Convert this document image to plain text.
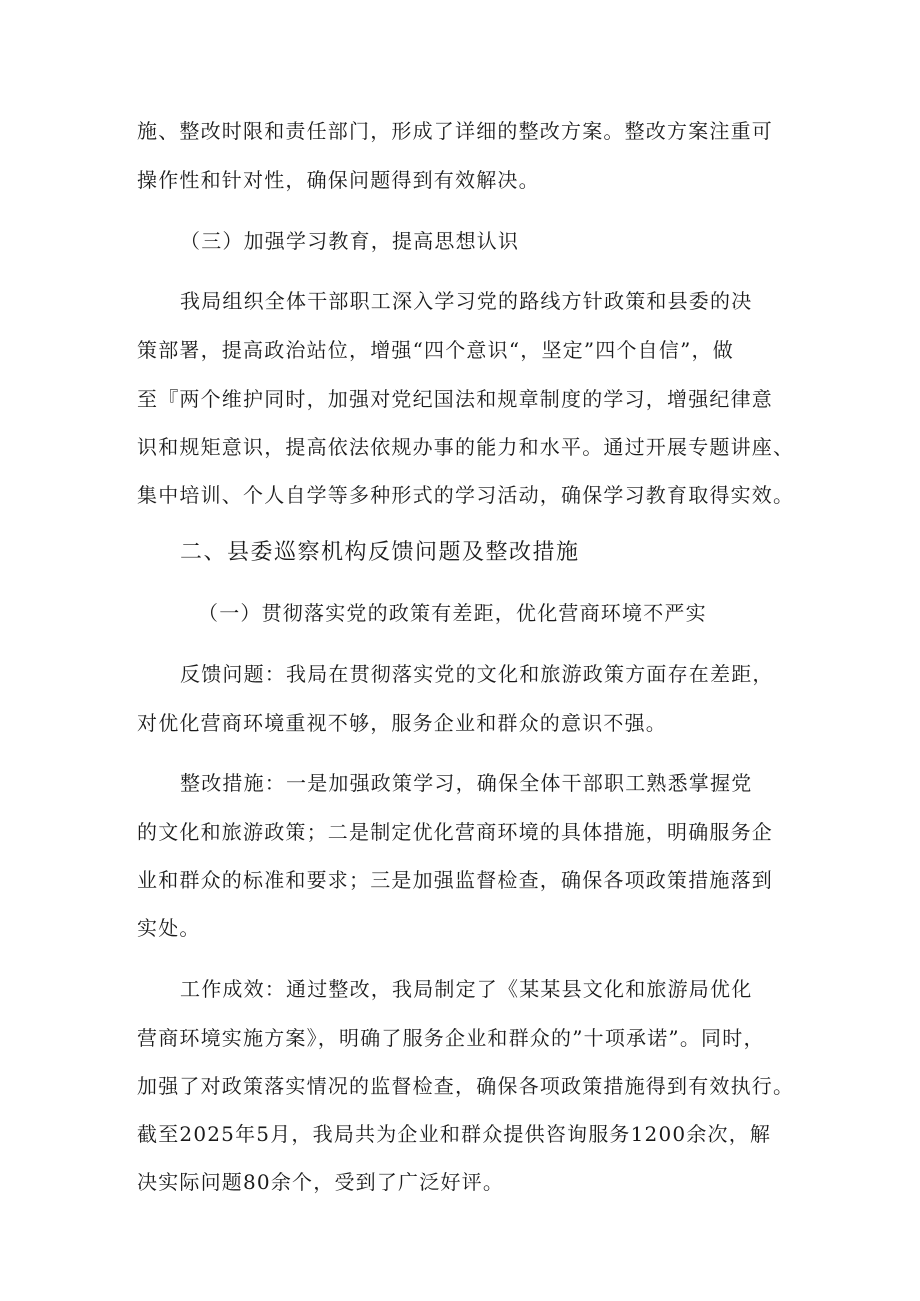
施、整改时限和责任部门，形成了详细的整改方案。整改方案注重可
操作性和针对性，确保问题得到有效解决。
（三）加强学习教育，提高思想认识
我局组织全体干部职工深入学习党的路线方针政策和县委的决
策部署，提高政治站位，增强“四个意识“，坚定”四个自信”，做
至『两个维护同时，加强对党纪国法和规章制度的学习，增强纪律意
识和规矩意识，提高依法依规办事的能力和水平。通过开展专题讲座、
集中培训、个人自学等多种形式的学习活动，确保学习教育取得实效。
二、县委巡察机构反馈问题及整改措施
（一）贯彻落实党的政策有差距，优化营商环境不严实
反馈问题：我局在贯彻落实党的文化和旅游政策方面存在差距，
对优化营商环境重视不够，服务企业和群众的意识不强。
整改措施：一是加强政策学习，确保全体干部职工熟悉掌握党
的文化和旅游政策；二是制定优化营商环境的具体措施，明确服务企
业和群众的标准和要求；三是加强监督检查，确保各项政策措施落到
实处。
工作成效：通过整改，我局制定了《某某县文化和旅游局优化
营商环境实施方案》，明确了服务企业和群众的”十项承诺”。同时，
加强了对政策落实情况的监督检查，确保各项政策措施得到有效执行。
截至2025年5月，我局共为企业和群众提供咨询服务1200余次，解
决实际问题80余个，受到了广泛好评。
